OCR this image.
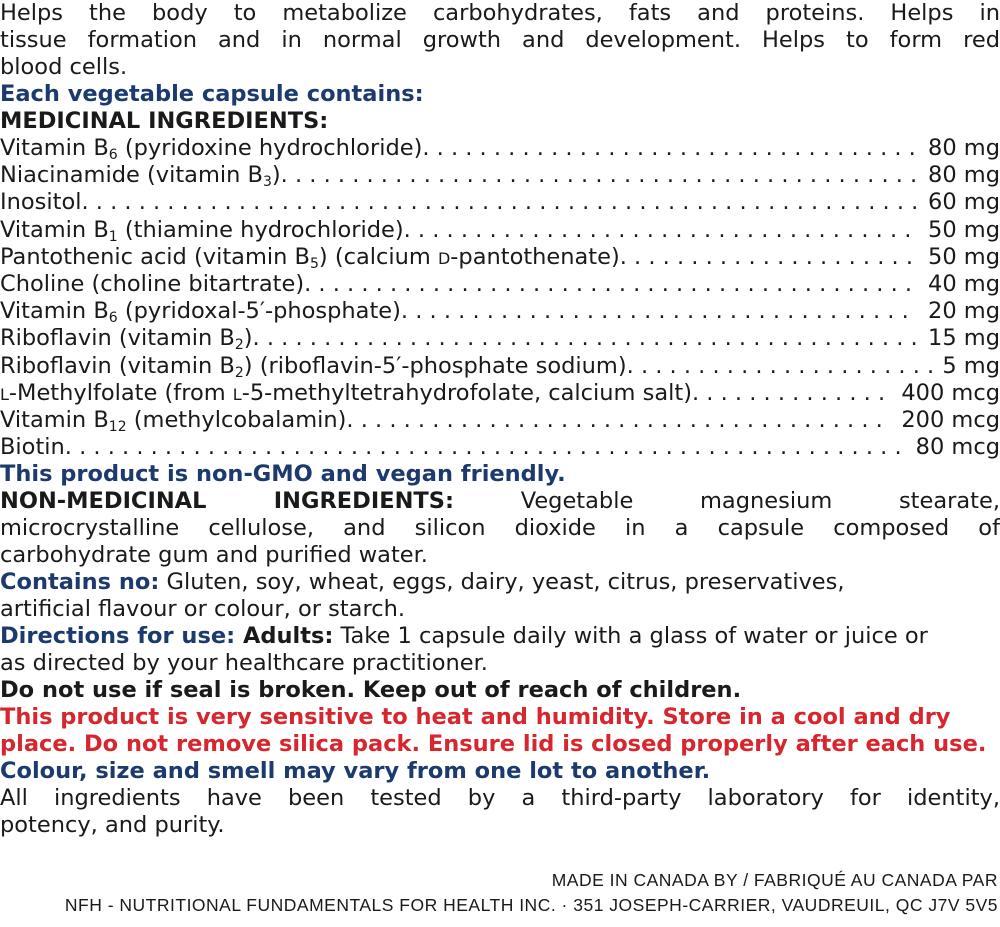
Helps the body to metabolize carbohydrates, fats and proteins. Helps in
tissue formation and in normal growth and development. Helps to form red
blood cells.
Each vegetable capsule contains:
MEDICINAL INGREDIENTS:
Vitamin $B_6$ (pyridoxine hydrochloride) . . .	80 mg
Niacinamide (vitamin $B_3$) . . .	80 mg
Inositol . . .	60 mg
Vitamin $B_1$ (thiamine hydrochloride) . . .	50 mg
Pantothenic acid (vitamin $B_5$) (calcium D-pantothenate) . . .	50 mg
Choline (choline bitartrate) . . .	40 mg
Vitamin $B_6$ (pyridoxal-5′-phosphate) . . .	20 mg
Riboflavin (vitamin $B_2$) . . .	15 mg
Riboflavin (vitamin $B_2$) (riboflavin-5′-phosphate sodium) . . .	5 mg
L-Methylfolate (from L-5-methyltetrahydrofolate, calcium salt) . . .	400 mcg
Vitamin $B_{12}$ (methylcobalamin) . . .	200 mcg
Biotin . . .	80 mcg
This product is non-GMO and vegan friendly.
NON-MEDICINAL INGREDIENTS:	Vegetable magnesium stearate,
microcrystalline cellulose, and silicon dioxide in a capsule composed of
carbohydrate gum and purified water.
Contains no: Gluten, soy, wheat, eggs, dairy, yeast, citrus, preservatives,
artificial flavour or colour, or starch.
Directions for use: Adults: Take 1 capsule daily with a glass of water or juice or
as directed by your healthcare practitioner.
Do not use if seal is broken. Keep out of reach of children.
This product is very sensitive to heat and humidity. Store in a cool and dry
place. Do not remove silica pack. Ensure lid is closed properly after each use.
Colour, size and smell may vary from one lot to another.
All ingredients have been tested by a third-party laboratory for identity,
potency, and purity.
MADE IN CANADA BY / FABRIQUÉ AU CANADA PAR
NFH - NUTRITIONAL FUNDAMENTALS FOR HEALTH INC. · 351 JOSEPH-CARRIER, VAUDREUIL, QC J7V 5V5
